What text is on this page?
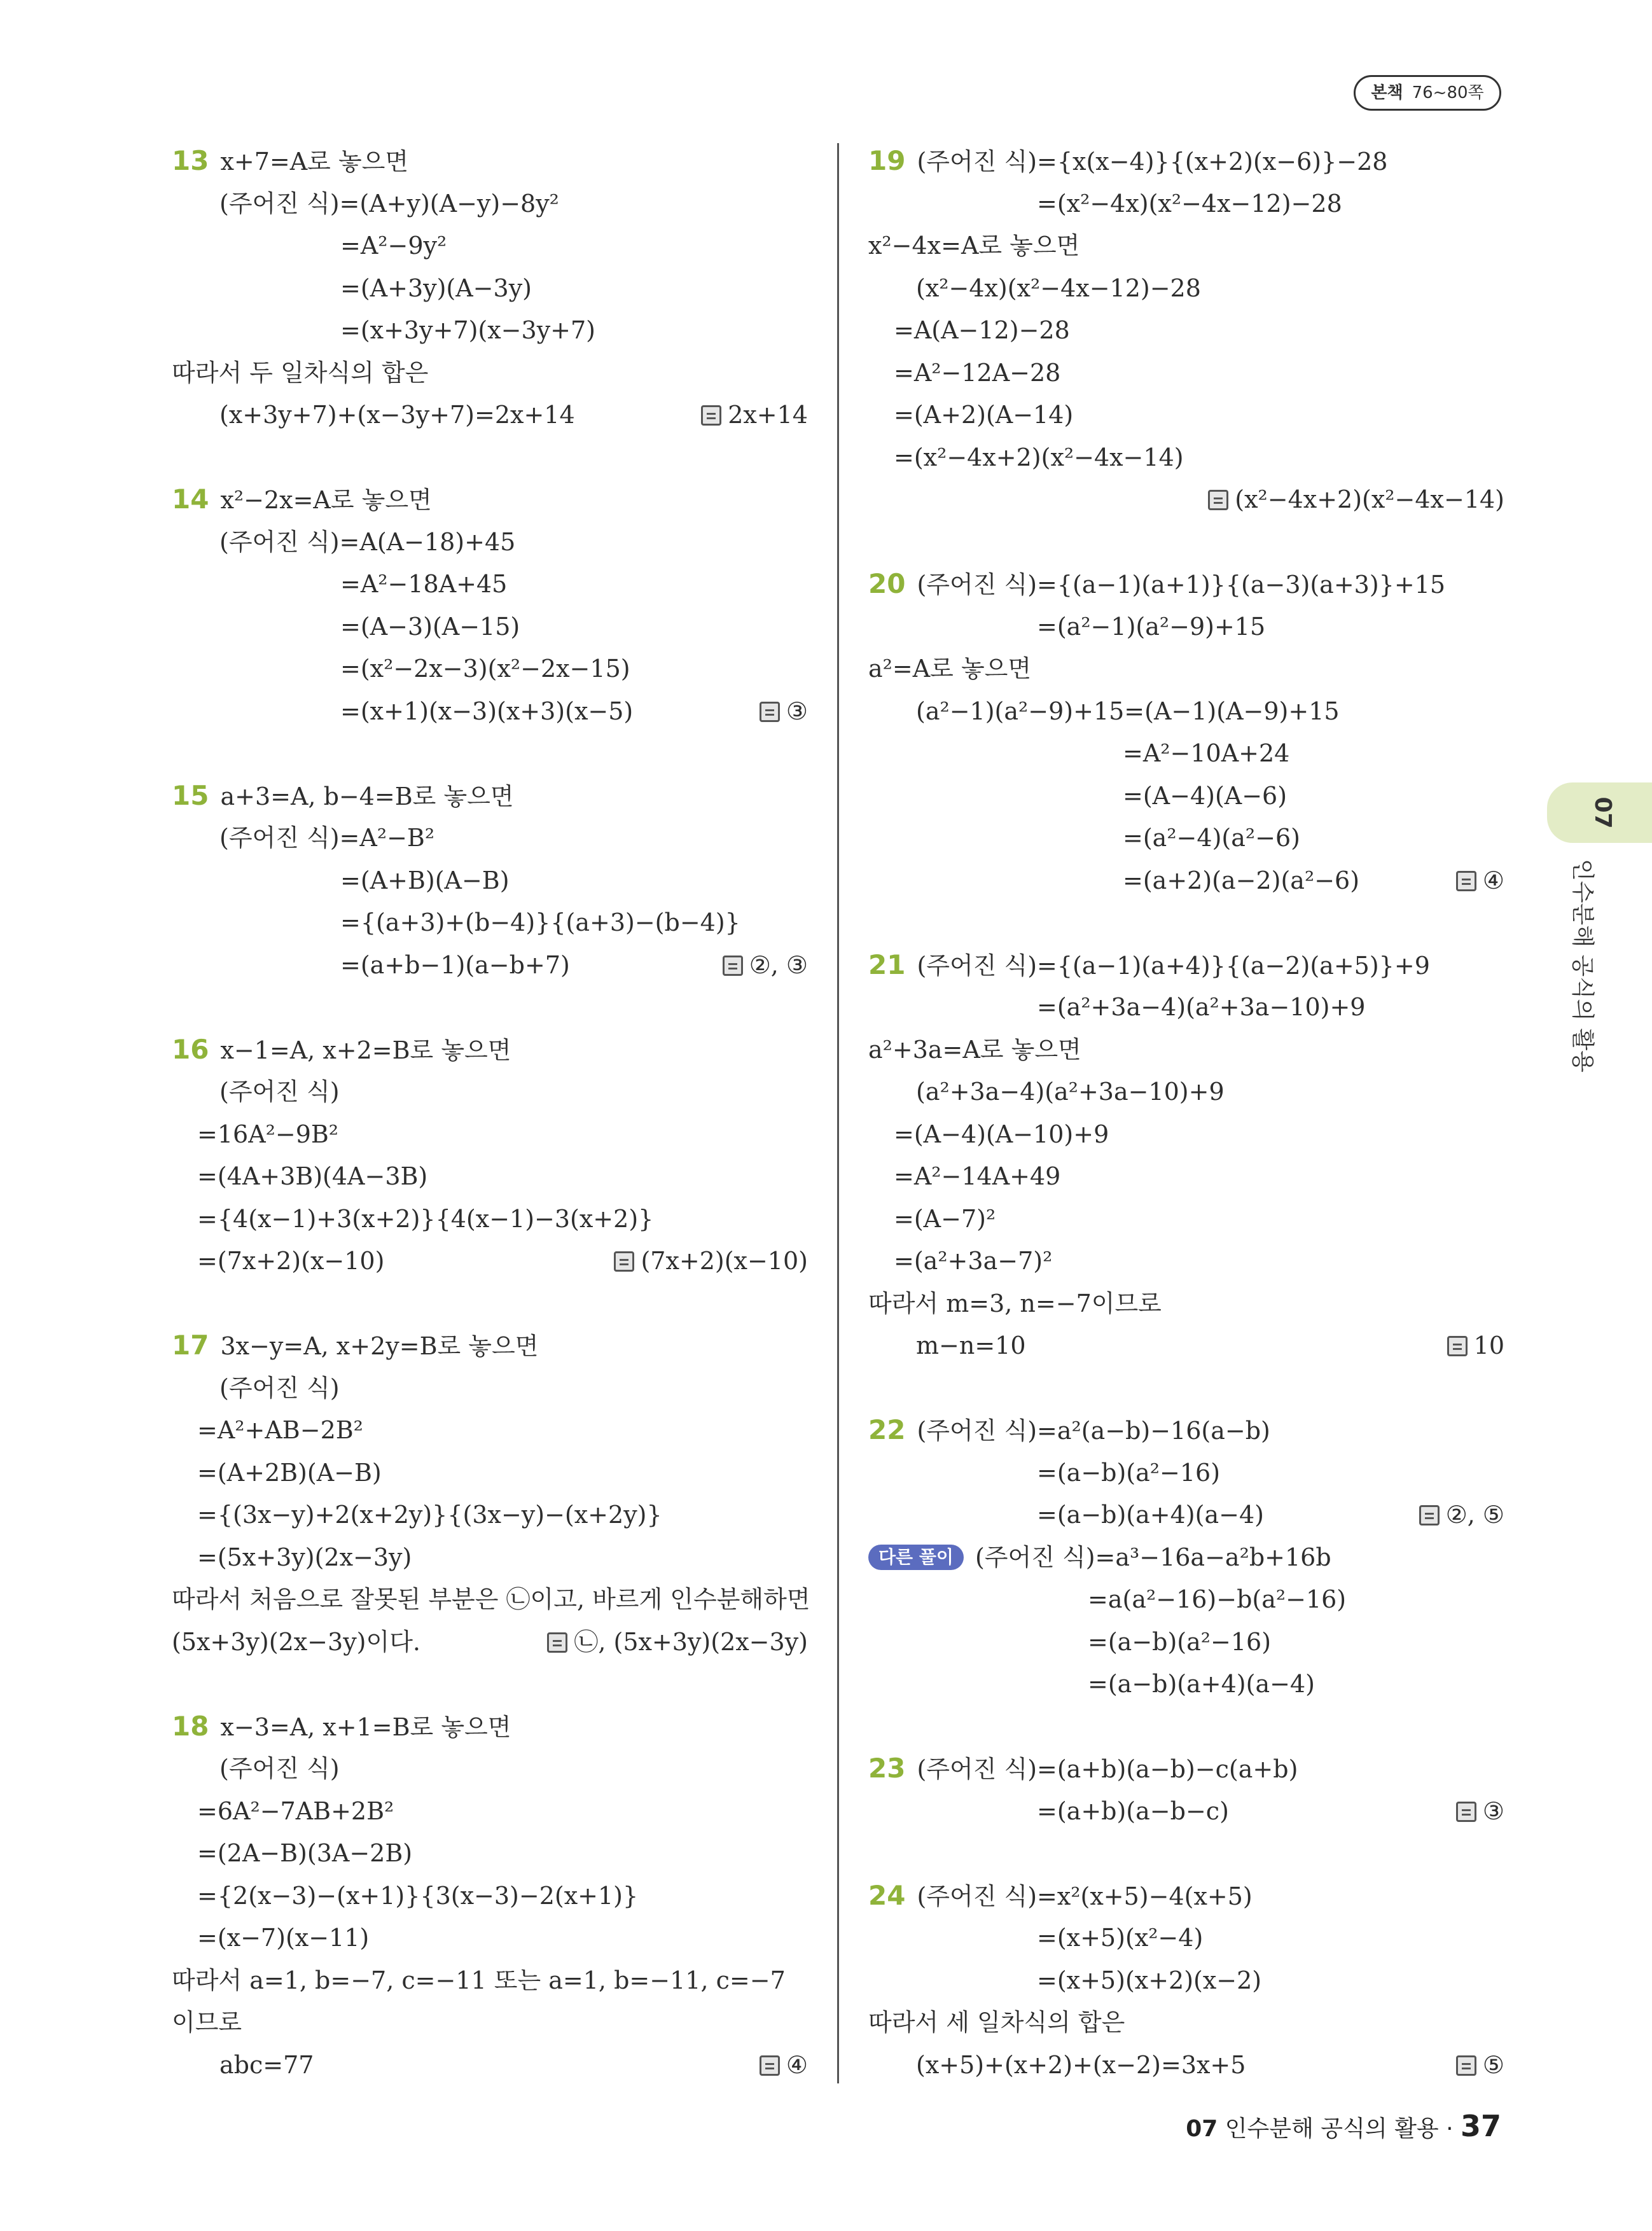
본책 76~80쪽
13 x+7=A로 놓으면
(주어진 식)=(A+y)(A−y)−8y²
=A²−9y²
=(A+3y)(A−3y)
=(x+3y+7)(x−3y+7)
따라서 두 일차식의 합은
(x+3y+7)+(x−3y+7)=2x+14	2x+14
14 x²−2x=A로 놓으면
(주어진 식)=A(A−18)+45
=A²−18A+45
=(A−3)(A−15)
=(x²−2x−3)(x²−2x−15)
=(x+1)(x−3)(x+3)(x−5)	③
15 a+3=A, b−4=B로 놓으면
(주어진 식)=A²−B²
=(A+B)(A−B)
={(a+3)+(b−4)}{(a+3)−(b−4)}
=(a+b−1)(a−b+7)	②, ③
16 x−1=A, x+2=B로 놓으면
(주어진 식)
=16A²−9B²
=(4A+3B)(4A−3B)
={4(x−1)+3(x+2)}{4(x−1)−3(x+2)}
=(7x+2)(x−10)	(7x+2)(x−10)
17 3x−y=A, x+2y=B로 놓으면
(주어진 식)
=A²+AB−2B²
=(A+2B)(A−B)
={(3x−y)+2(x+2y)}{(3x−y)−(x+2y)}
=(5x+3y)(2x−3y)
따라서 처음으로 잘못된 부분은 ㉡이고, 바르게 인수분해하면
(5x+3y)(2x−3y)이다.	㉡, (5x+3y)(2x−3y)
18 x−3=A, x+1=B로 놓으면
(주어진 식)
=6A²−7AB+2B²
=(2A−B)(3A−2B)
={2(x−3)−(x+1)}{3(x−3)−2(x+1)}
=(x−7)(x−11)
따라서 a=1, b=−7, c=−11 또는 a=1, b=−11, c=−7
이므로
abc=77	④
19 (주어진 식)={x(x−4)}{(x+2)(x−6)}−28
=(x²−4x)(x²−4x−12)−28
x²−4x=A로 놓으면
(x²−4x)(x²−4x−12)−28
=A(A−12)−28
=A²−12A−28
=(A+2)(A−14)
=(x²−4x+2)(x²−4x−14)
(x²−4x+2)(x²−4x−14)
20 (주어진 식)={(a−1)(a+1)}{(a−3)(a+3)}+15
=(a²−1)(a²−9)+15
a²=A로 놓으면
(a²−1)(a²−9)+15=(A−1)(A−9)+15
=A²−10A+24
=(A−4)(A−6)
=(a²−4)(a²−6)
=(a+2)(a−2)(a²−6)	④
21 (주어진 식)={(a−1)(a+4)}{(a−2)(a+5)}+9
=(a²+3a−4)(a²+3a−10)+9
a²+3a=A로 놓으면
(a²+3a−4)(a²+3a−10)+9
=(A−4)(A−10)+9
=A²−14A+49
=(A−7)²
=(a²+3a−7)²
따라서 m=3, n=−7이므로
m−n=10	10
22 (주어진 식)=a²(a−b)−16(a−b)
=(a−b)(a²−16)
=(a−b)(a+4)(a−4)	②, ⑤
다른 풀이 (주어진 식)=a³−16a−a²b+16b
=a(a²−16)−b(a²−16)
=(a−b)(a²−16)
=(a−b)(a+4)(a−4)
23 (주어진 식)=(a+b)(a−b)−c(a+b)
=(a+b)(a−b−c)	③
24 (주어진 식)=x²(x+5)−4(x+5)
=(x+5)(x²−4)
=(x+5)(x+2)(x−2)
따라서 세 일차식의 합은
(x+5)+(x+2)+(x−2)=3x+5	⑤
07
인수분해 공식의 활용
07 인수분해 공식의 활용 · 37
